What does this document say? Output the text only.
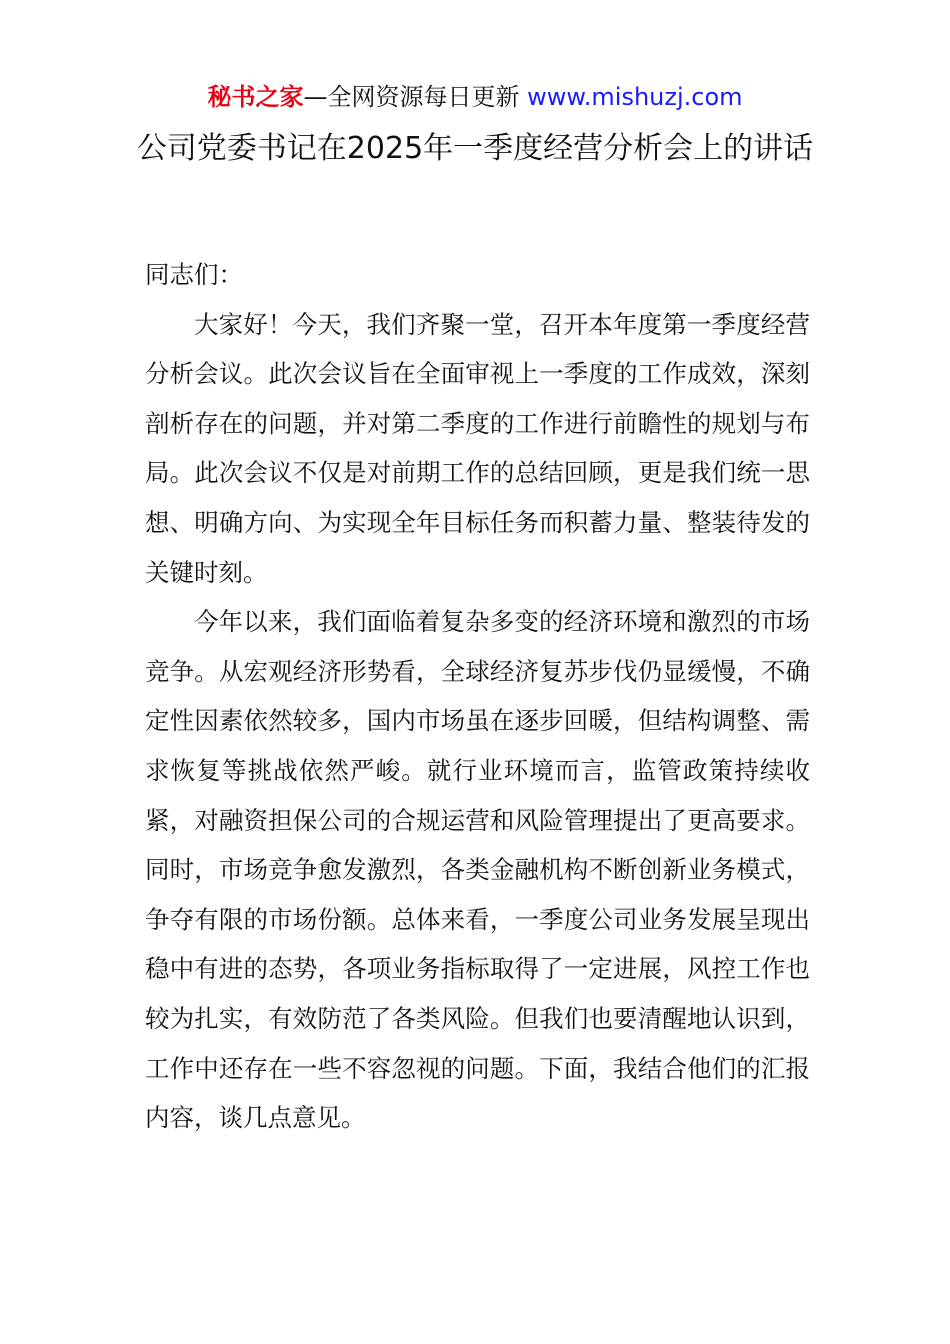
秘书之家—全网资源每日更新 www.mishuzj.com
公司党委书记在2025年一季度经营分析会上的讲话

同志们：

大家好！今天，我们齐聚一堂，召开本年度第一季度经营分析会议。此次会议旨在全面审视上一季度的工作成效，深刻剖析存在的问题，并对第二季度的工作进行前瞻性的规划与布局。此次会议不仅是对前期工作的总结回顾，更是我们统一思想、明确方向、为实现全年目标任务而积蓄力量、整装待发的关键时刻。

今年以来，我们面临着复杂多变的经济环境和激烈的市场竞争。从宏观经济形势看，全球经济复苏步伐仍显缓慢，不确定性因素依然较多，国内市场虽在逐步回暖，但结构调整、需求恢复等挑战依然严峻。就行业环境而言，监管政策持续收紧，对融资担保公司的合规运营和风险管理提出了更高要求。同时，市场竞争愈发激烈，各类金融机构不断创新业务模式，争夺有限的市场份额。总体来看，一季度公司业务发展呈现出稳中有进的态势，各项业务指标取得了一定进展，风控工作也较为扎实，有效防范了各类风险。但我们也要清醒地认识到，工作中还存在一些不容忽视的问题。下面，我结合他们的汇报内容，谈几点意见。
